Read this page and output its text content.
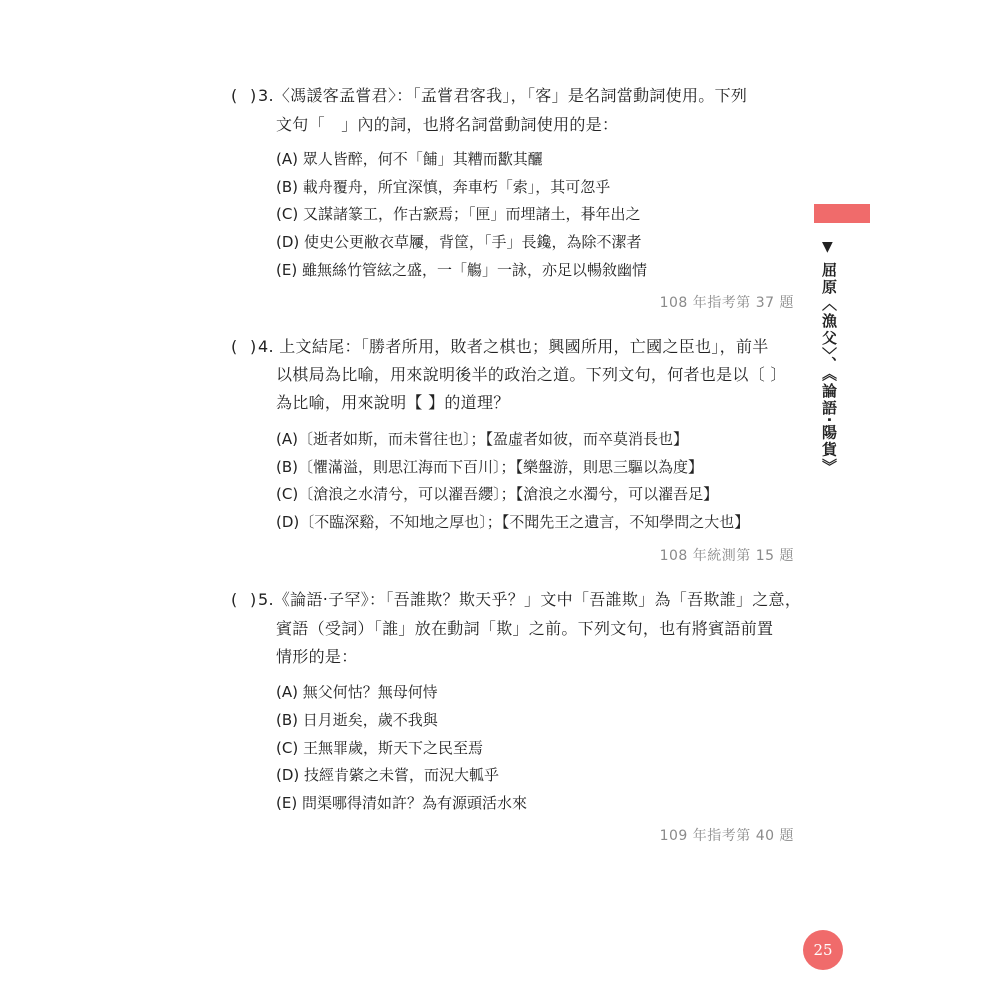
( ) 3.〈馮諼客孟嘗君〉：「孟嘗君客我」，「客」是名詞當動詞使用。下列
文句「　」內的詞，也將名詞當動詞使用的是：
(A) 眾人皆醉，何不「餔」其糟而歠其釃
(B) 載舟覆舟，所宜深慎，奔車朽「索」，其可忽乎
(C) 又謀諸篆工，作古窾焉；「匣」而埋諸土，朞年出之
(D) 使史公更敝衣草屨，背筐，「手」長鑱，為除不潔者
(E) 雖無絲竹管絃之盛，一「觴」一詠，亦足以暢敘幽情
108 年指考第 37 題
( ) 4. 上文結尾：「勝者所用，敗者之棋也；興國所用，亡國之臣也」，前半
以棋局為比喻，用來說明後半的政治之道。下列文句，何者也是以〔 〕
為比喻，用來說明【 】的道理？
(A)〔逝者如斯，而未嘗往也〕；【盈虛者如彼，而卒莫消長也】
(B)〔懼滿溢，則思江海而下百川〕；【樂盤游，則思三驅以為度】
(C)〔滄浪之水清兮，可以濯吾纓〕；【滄浪之水濁兮，可以濯吾足】
(D)〔不臨深谿，不知地之厚也〕；【不聞先王之遺言，不知學問之大也】
108 年統測第 15 題
( ) 5.《論語‧子罕》：「吾誰欺？欺天乎？」文中「吾誰欺」為「吾欺誰」之意，
賓語（受詞）「誰」放在動詞「欺」之前。下列文句，也有將賓語前置
情形的是：
(A) 無父何怙？無母何恃
(B) 日月逝矣，歲不我與
(C) 王無罪歲，斯天下之民至焉
(D) 技經肯綮之未嘗，而況大軱乎
(E) 問渠哪得清如許？為有源頭活水來
109 年指考第 40 題
▼
屈原〈漁父〉、《論語‧陽貨》
25
